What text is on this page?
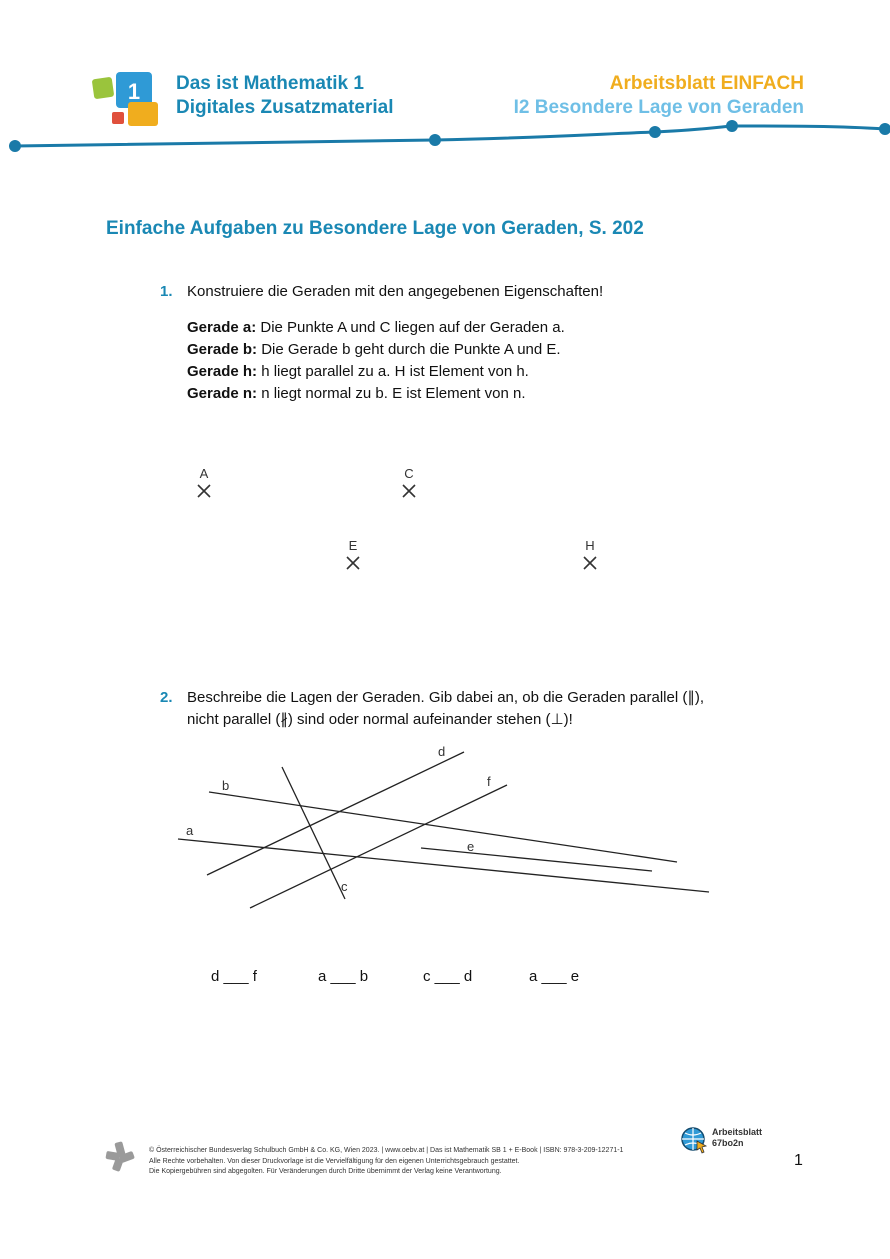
1 Das ist Mathematik 1
Digitales Zusatzmaterial
Arbeitsblatt EINFACH
I2 Besondere Lage von Geraden
Einfache Aufgaben zu Besondere Lage von Geraden, S. 202
1. Konstruiere die Geraden mit den angegebenen Eigenschaften!
Gerade a: Die Punkte A und C liegen auf der Geraden a.
Gerade b: Die Gerade b geht durch die Punkte A und E.
Gerade h: h liegt parallel zu a. H ist Element von h.
Gerade n: n liegt normal zu b. E ist Element von n.
A	C
E	H
2. Beschreibe die Lagen der Geraden. Gib dabei an, ob die Geraden parallel (∥),
nicht parallel (∦) sind oder normal aufeinander stehen (⊥)!
a
b
c
d
e
f
d ___ f	a ___ b	c ___ d	a ___ e
© Österreichischer Bundesverlag Schulbuch GmbH & Co. KG, Wien 2023. | www.oebv.at | Das ist Mathematik SB 1 + E-Book | ISBN: 978-3-209-12271-1
Alle Rechte vorbehalten. Von dieser Druckvorlage ist die Vervielfältigung für den eigenen Unterrichtsgebrauch gestattet.
Die Kopiergebühren sind abgegolten. Für Veränderungen durch Dritte übernimmt der Verlag keine Verantwortung.
Arbeitsblatt
67bo2n
1
